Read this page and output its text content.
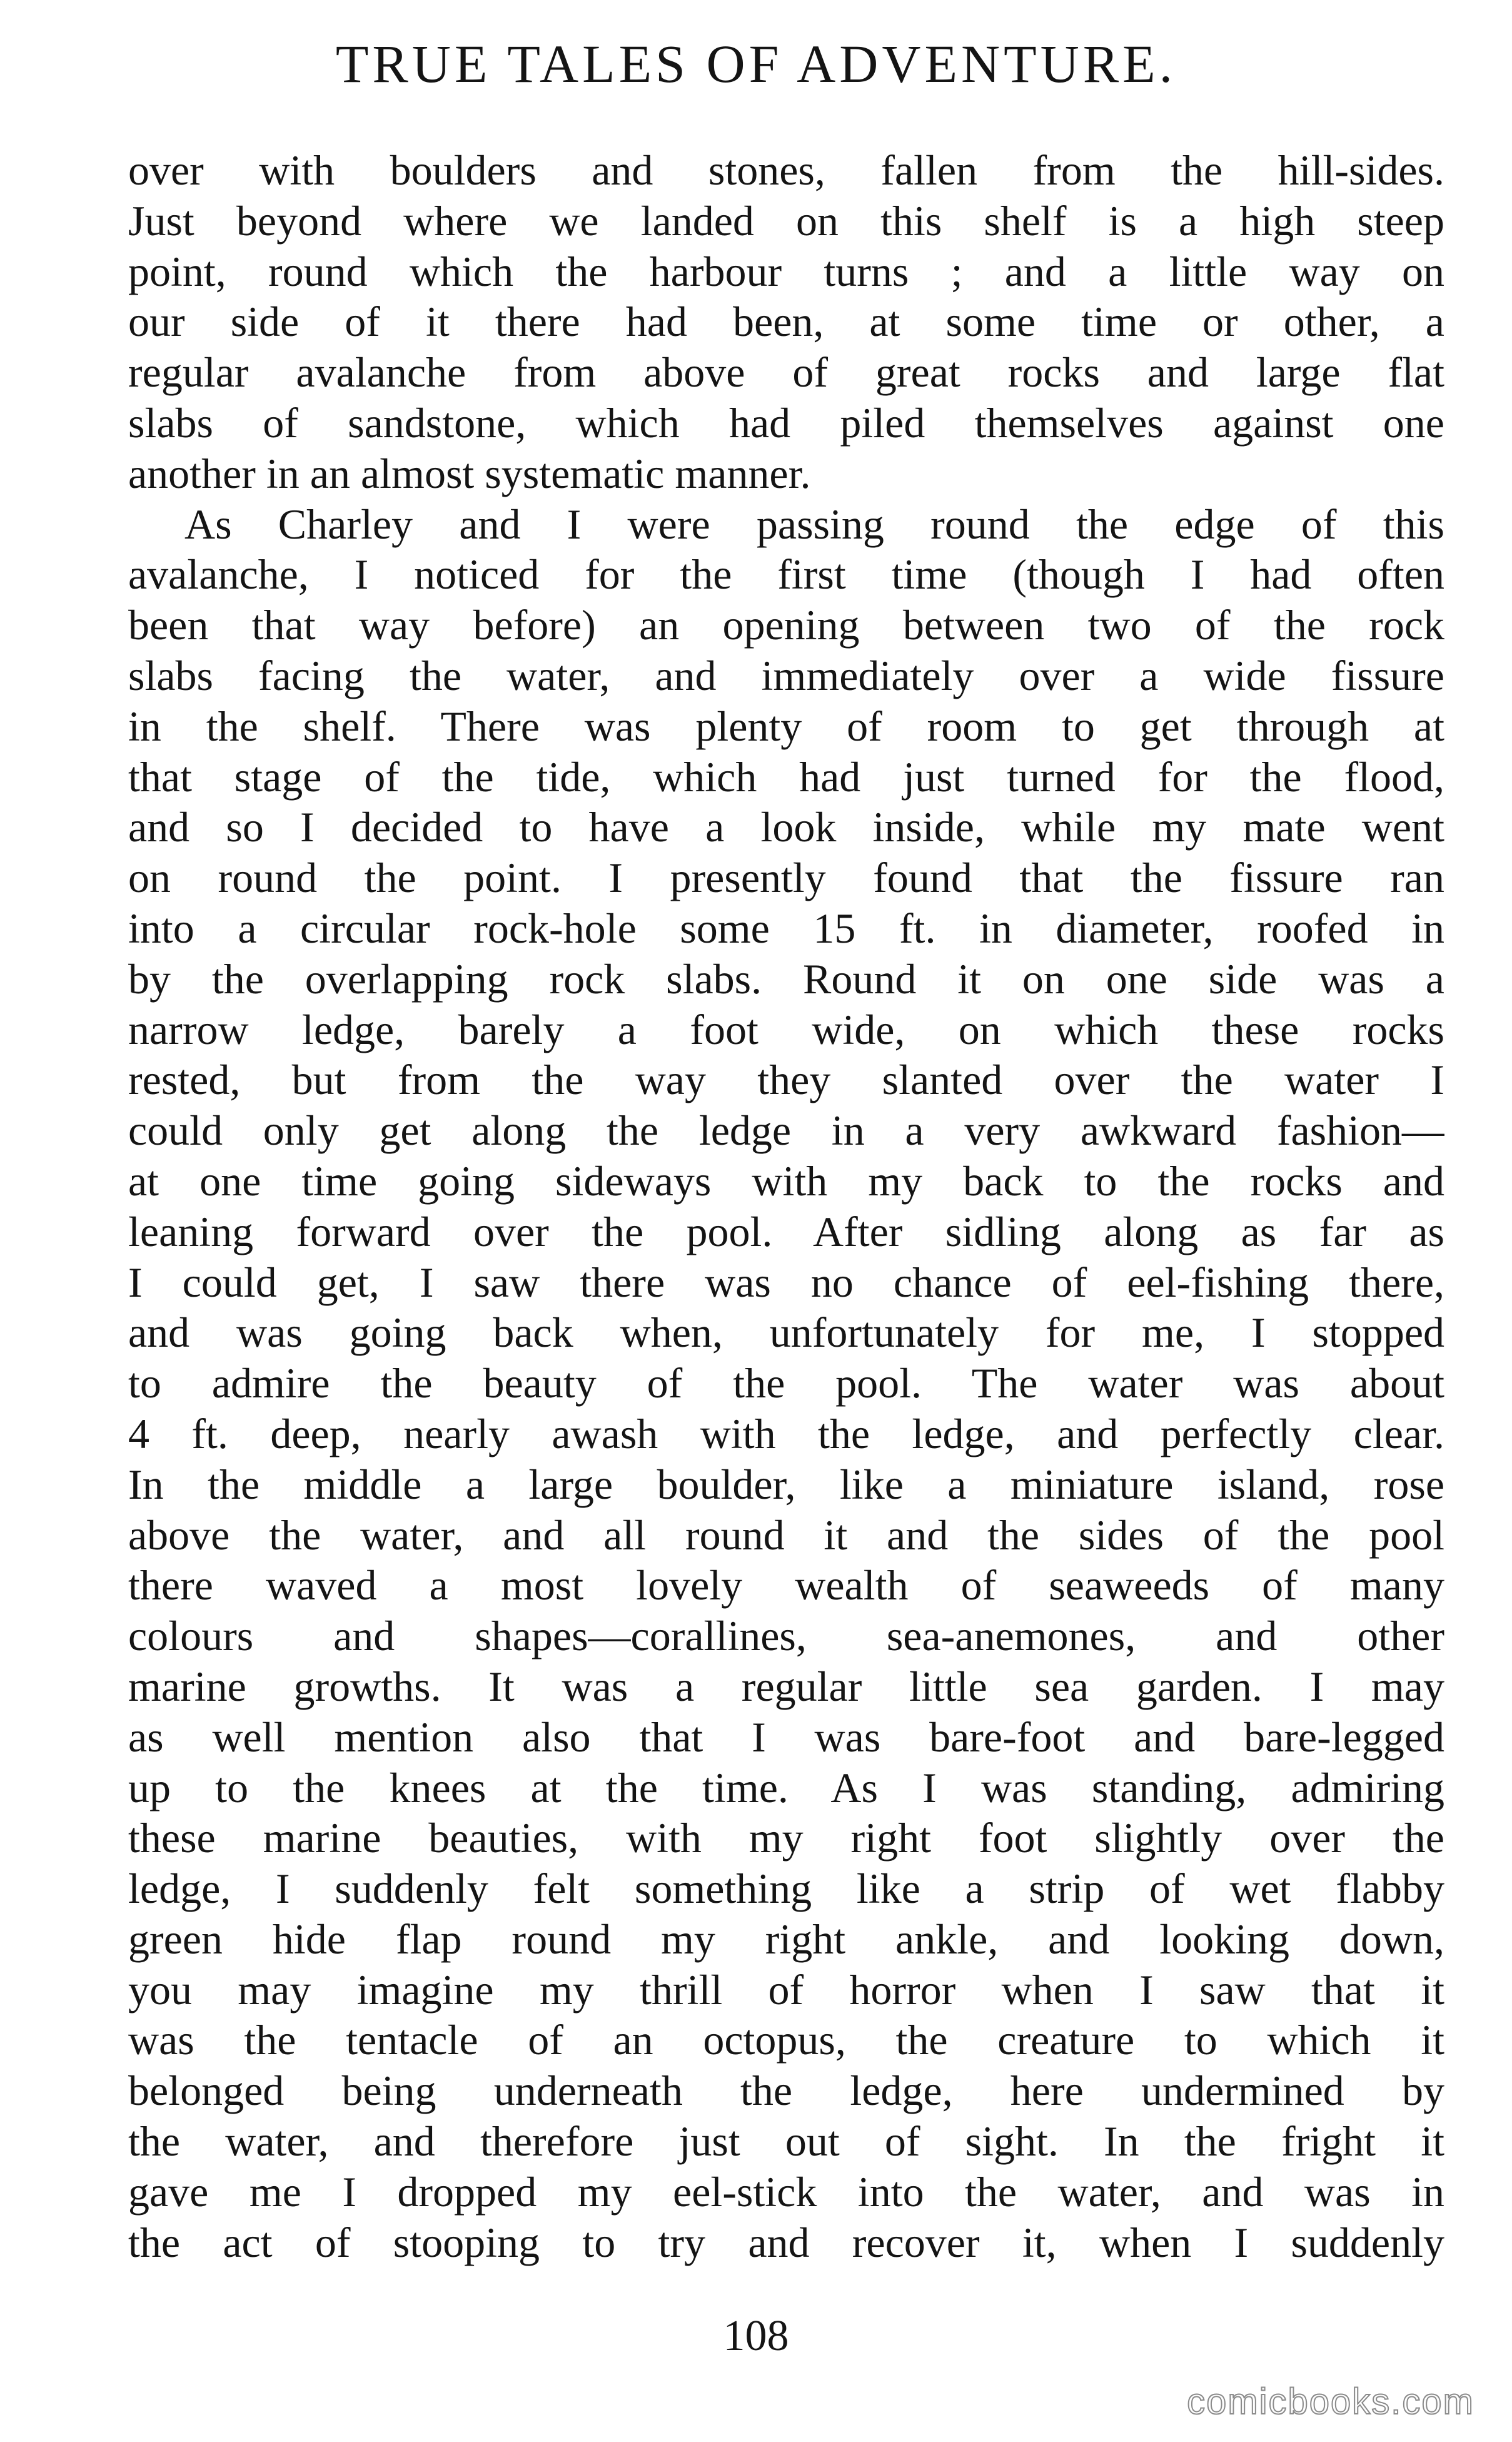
TRUE TALES OF ADVENTURE.
over with boulders and stones, fallen from the hill-sides.
Just beyond where we landed on this shelf is a high steep
point, round which the harbour turns ; and a little way on
our side of it there had been, at some time or other, a
regular avalanche from above of great rocks and large flat
slabs of sandstone, which had piled themselves against one
another in an almost systematic manner.
As Charley and I were passing round the edge of this
avalanche, I noticed for the first time (though I had often
been that way before) an opening between two of the rock
slabs facing the water, and immediately over a wide fissure
in the shelf. There was plenty of room to get through at
that stage of the tide, which had just turned for the flood,
and so I decided to have a look inside, while my mate went
on round the point. I presently found that the fissure ran
into a circular rock-hole some 15 ft. in diameter, roofed in
by the overlapping rock slabs. Round it on one side was a
narrow ledge, barely a foot wide, on which these rocks
rested, but from the way they slanted over the water I
could only get along the ledge in a very awkward fashion—
at one time going sideways with my back to the rocks and
leaning forward over the pool. After sidling along as far as
I could get, I saw there was no chance of eel-fishing there,
and was going back when, unfortunately for me, I stopped
to admire the beauty of the pool. The water was about
4 ft. deep, nearly awash with the ledge, and perfectly clear.
In the middle a large boulder, like a miniature island, rose
above the water, and all round it and the sides of the pool
there waved a most lovely wealth of seaweeds of many
colours and shapes—corallines, sea-anemones, and other
marine growths. It was a regular little sea garden. I may
as well mention also that I was bare-foot and bare-legged
up to the knees at the time. As I was standing, admiring
these marine beauties, with my right foot slightly over the
ledge, I suddenly felt something like a strip of wet flabby
green hide flap round my right ankle, and looking down,
you may imagine my thrill of horror when I saw that it
was the tentacle of an octopus, the creature to which it
belonged being underneath the ledge, here undermined by
the water, and therefore just out of sight. In the fright it
gave me I dropped my eel-stick into the water, and was in
the act of stooping to try and recover it, when I suddenly
108
comicbooks.com
